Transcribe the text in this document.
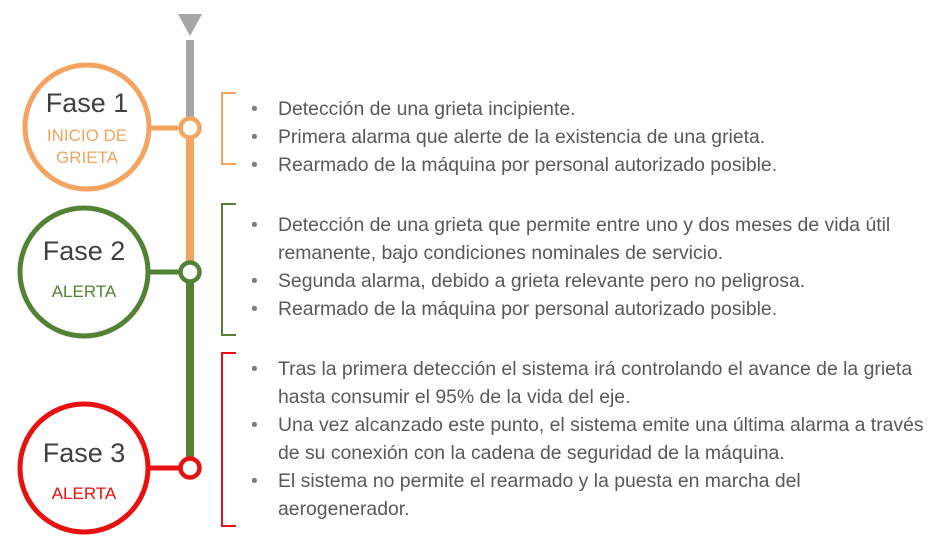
Fase 1
INICIO DE
GRIETA
Fase 2
ALERTA
Fase 3
ALERTA
• Detección de una grieta incipiente.
• Primera alarma que alerte de la existencia de una grieta.
• Rearmado de la máquina por personal autorizado posible.
• Detección de una grieta que permite entre uno y dos meses de vida útil remanente, bajo condiciones nominales de servicio.
• Segunda alarma, debido a grieta relevante pero no peligrosa.
• Rearmado de la máquina por personal autorizado posible.
• Tras la primera detección el sistema irá controlando el avance de la grieta hasta consumir el 95% de la vida del eje.
• Una vez alcanzado este punto, el sistema emite una última alarma a través de su conexión con la cadena de seguridad de la máquina.
• El sistema no permite el rearmado y la puesta en marcha del aerogenerador.
